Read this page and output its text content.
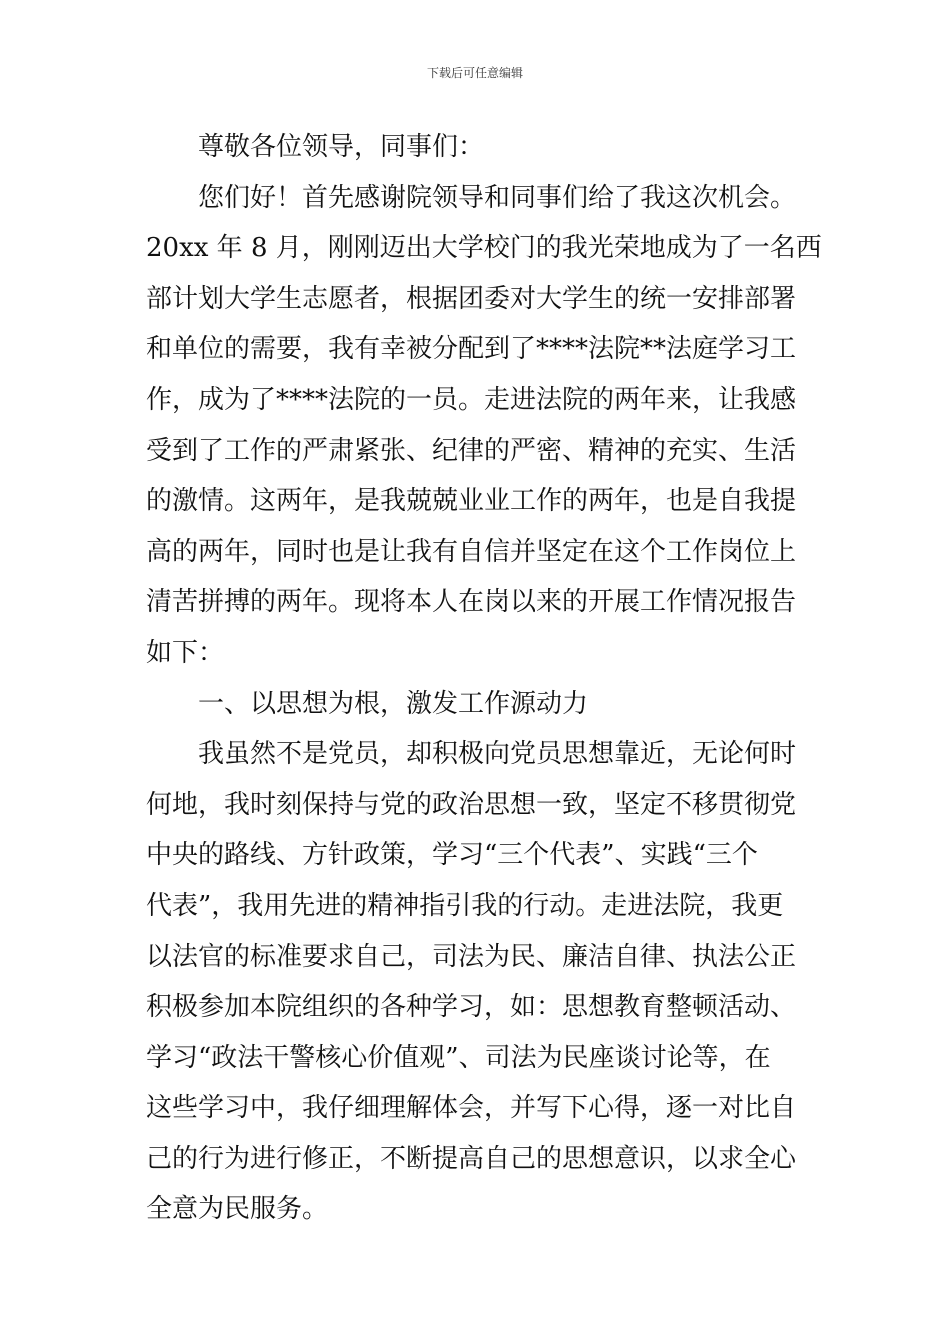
下载后可任意编辑
尊敬各位领导，同事们：
您们好！首先感谢院领导和同事们给了我这次机会。
20xx 年 8 月，刚刚迈出大学校门的我光荣地成为了一名西
部计划大学生志愿者，根据团委对大学生的统一安排部署
和单位的需要，我有幸被分配到了****法院**法庭学习工
作，成为了****法院的一员。走进法院的两年来，让我感
受到了工作的严肃紧张、纪律的严密、精神的充实、生活
的激情。这两年，是我兢兢业业工作的两年，也是自我提
高的两年，同时也是让我有自信并坚定在这个工作岗位上
清苦拼搏的两年。现将本人在岗以来的开展工作情况报告
如下：
一、以思想为根，激发工作源动力
我虽然不是党员，却积极向党员思想靠近，无论何时
何地，我时刻保持与党的政治思想一致，坚定不移贯彻党
中央的路线、方针政策，学习“三个代表”、实践“三个
代表”，我用先进的精神指引我的行动。走进法院，我更
以法官的标准要求自己，司法为民、廉洁自律、执法公正
积极参加本院组织的各种学习，如：思想教育整顿活动、
学习“政法干警核心价值观”、司法为民座谈讨论等，在
这些学习中，我仔细理解体会，并写下心得，逐一对比自
己的行为进行修正，不断提高自己的思想意识，以求全心
全意为民服务。
